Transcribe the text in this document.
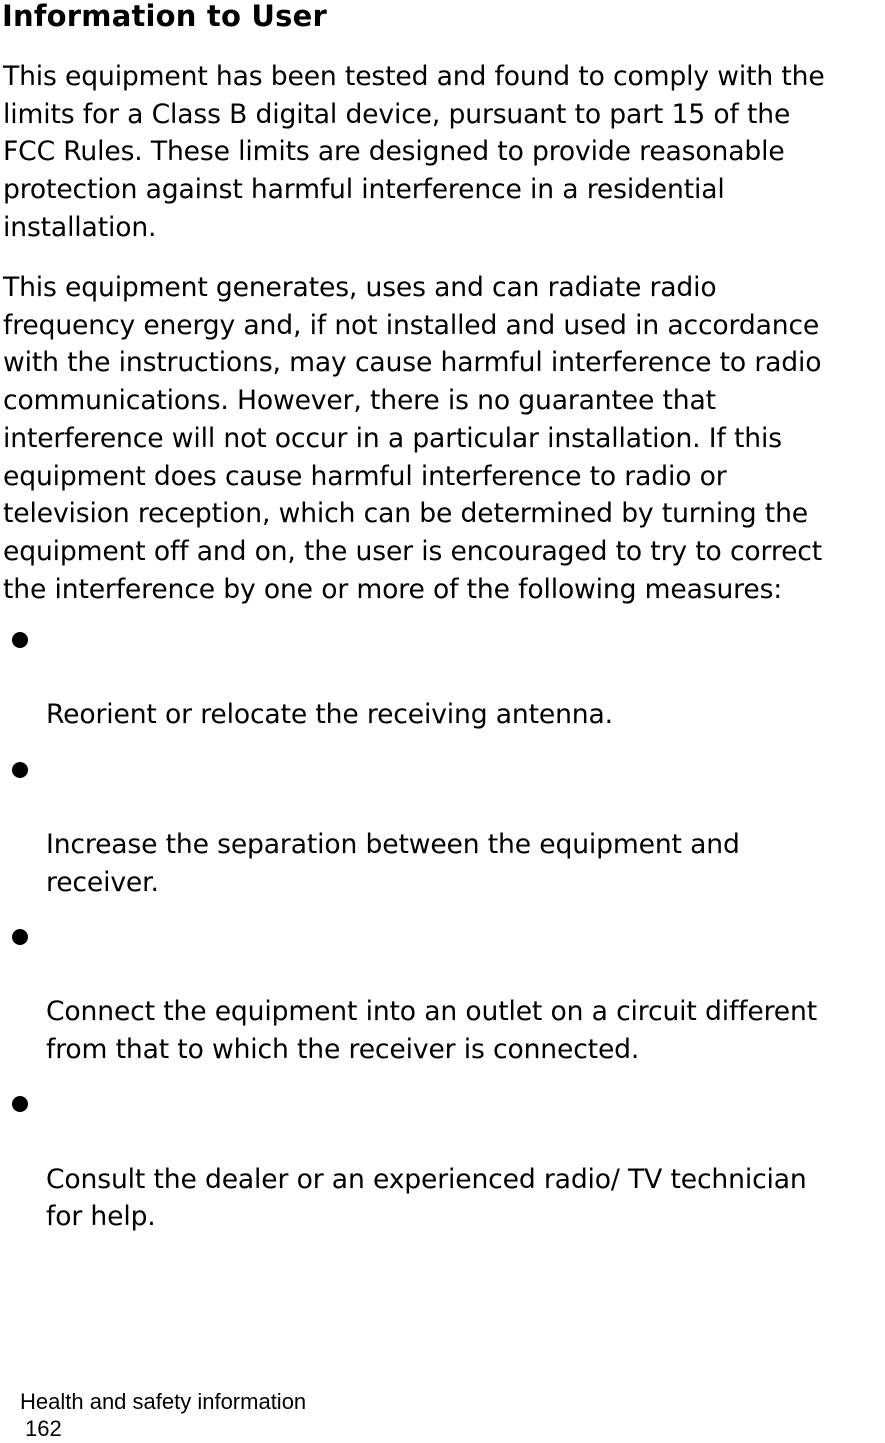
Information to User

This equipment has been tested and found to comply with the
limits for a Class B digital device, pursuant to part 15 of the
FCC Rules. These limits are designed to provide reasonable
protection against harmful interference in a residential
installation.

This equipment generates, uses and can radiate radio
frequency energy and, if not installed and used in accordance
with the instructions, may cause harmful interference to radio
communications. However, there is no guarantee that
interference will not occur in a particular installation. If this
equipment does cause harmful interference to radio or
television reception, which can be determined by turning the
equipment off and on, the user is encouraged to try to correct
the interference by one or more of the following measures:

Reorient or relocate the receiving antenna.

Increase the separation between the equipment and
receiver.

Connect the equipment into an outlet on a circuit different
from that to which the receiver is connected.

Consult the dealer or an experienced radio/ TV technician
for help.

Health and safety information
162
